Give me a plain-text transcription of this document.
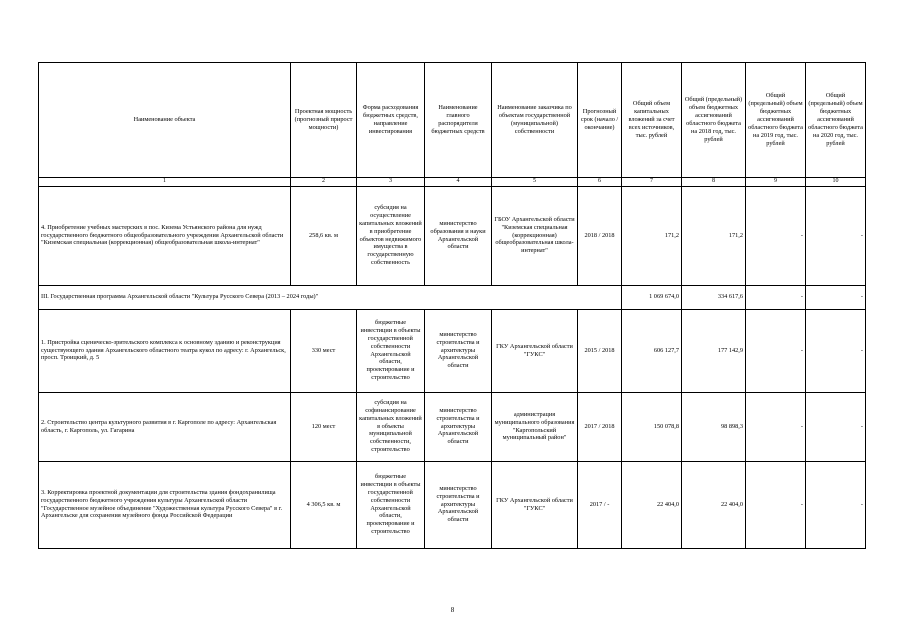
Наименование объекта	Проектная мощность (прогнозный прирост мощности)	Форма расходования бюджетных средств, направление инвестирования	Наименование главного распорядителя бюджетных средств	Наименование заказчика по объектам государственной (муниципальной) собственности	Прогнозный срок (начало / окончание)	Общий объем капитальных вложений за счет всех источников, тыс. рублей	Общий (предельный) объем бюджетных ассигнований областного бюджета на 2018 год, тыс. рублей	Общий (предельный) объем бюджетных ассигнований областного бюджета на 2019 год, тыс. рублей	Общий (предельный) объем бюджетных ассигнований областного бюджета на 2020 год, тыс. рублей
1	2	3	4	5	6	7	8	9	10
4. Приобретение учебных мастерских в пос. Кизема Устьянского района для нужд государственного бюджетного общеобразовательного учреждения Архангельской области "Киземская специальная (коррекционная) общеобразовательная школа-интернат"	258,6 кв. м	субсидия на осуществление капитальных вложений в приобретение объектов недвижимого имущества в государственную собственность	министерство образования и науки Архангельской области	ГБОУ Архангельской области "Киземская специальная (коррекционная) общеобразовательная школа-интернат"	2018 / 2018	171,2	171,2	-	-
III. Государственная программа Архангельской области "Культура Русского Севера (2013 – 2024 годы)"						1 069 674,0	334 617,6	-	-
1. Пристройка сценическо-зрительского комплекса к основному зданию и реконструкция существующего здания Архангельского областного театра кукол по адресу: г. Архангельск, просп. Троицкий, д. 5	330 мест	бюджетные инвестиции в объекты государственной собственности Архангельской области, проектирование и строительство	министерство строительства и архитектуры Архангельской области	ГКУ Архангельской области "ГУКС"	2015 / 2018	606 127,7	177 142,9	-	-
2. Строительство центра культурного развития в г. Каргополе по адресу: Архангельская область, г. Каргополь, ул. Гагарина	120 мест	субсидия на софинансирование капитальных вложений в объекты муниципальной собственности, строительство	министерство строительства и архитектуры Архангельской области	администрация муниципального образования "Каргопольский муниципальный район"	2017 / 2018	150 078,8	98 898,3	-	-
3. Корректировка проектной документации для строительства здания фондохранилища государственного бюджетного учреждения культуры Архангельской области "Государственное музейное объединение "Художественная культура Русского Севера" в г. Архангельске для сохранения музейного фонда Российской Федерации	4 306,5 кв. м	бюджетные инвестиции в объекты государственной собственности Архангельской области, проектирование и строительство	министерство строительства и архитектуры Архангельской области	ГКУ Архангельской области "ГУКС"	2017 / -	22 404,0	22 404,0	-	-
8
